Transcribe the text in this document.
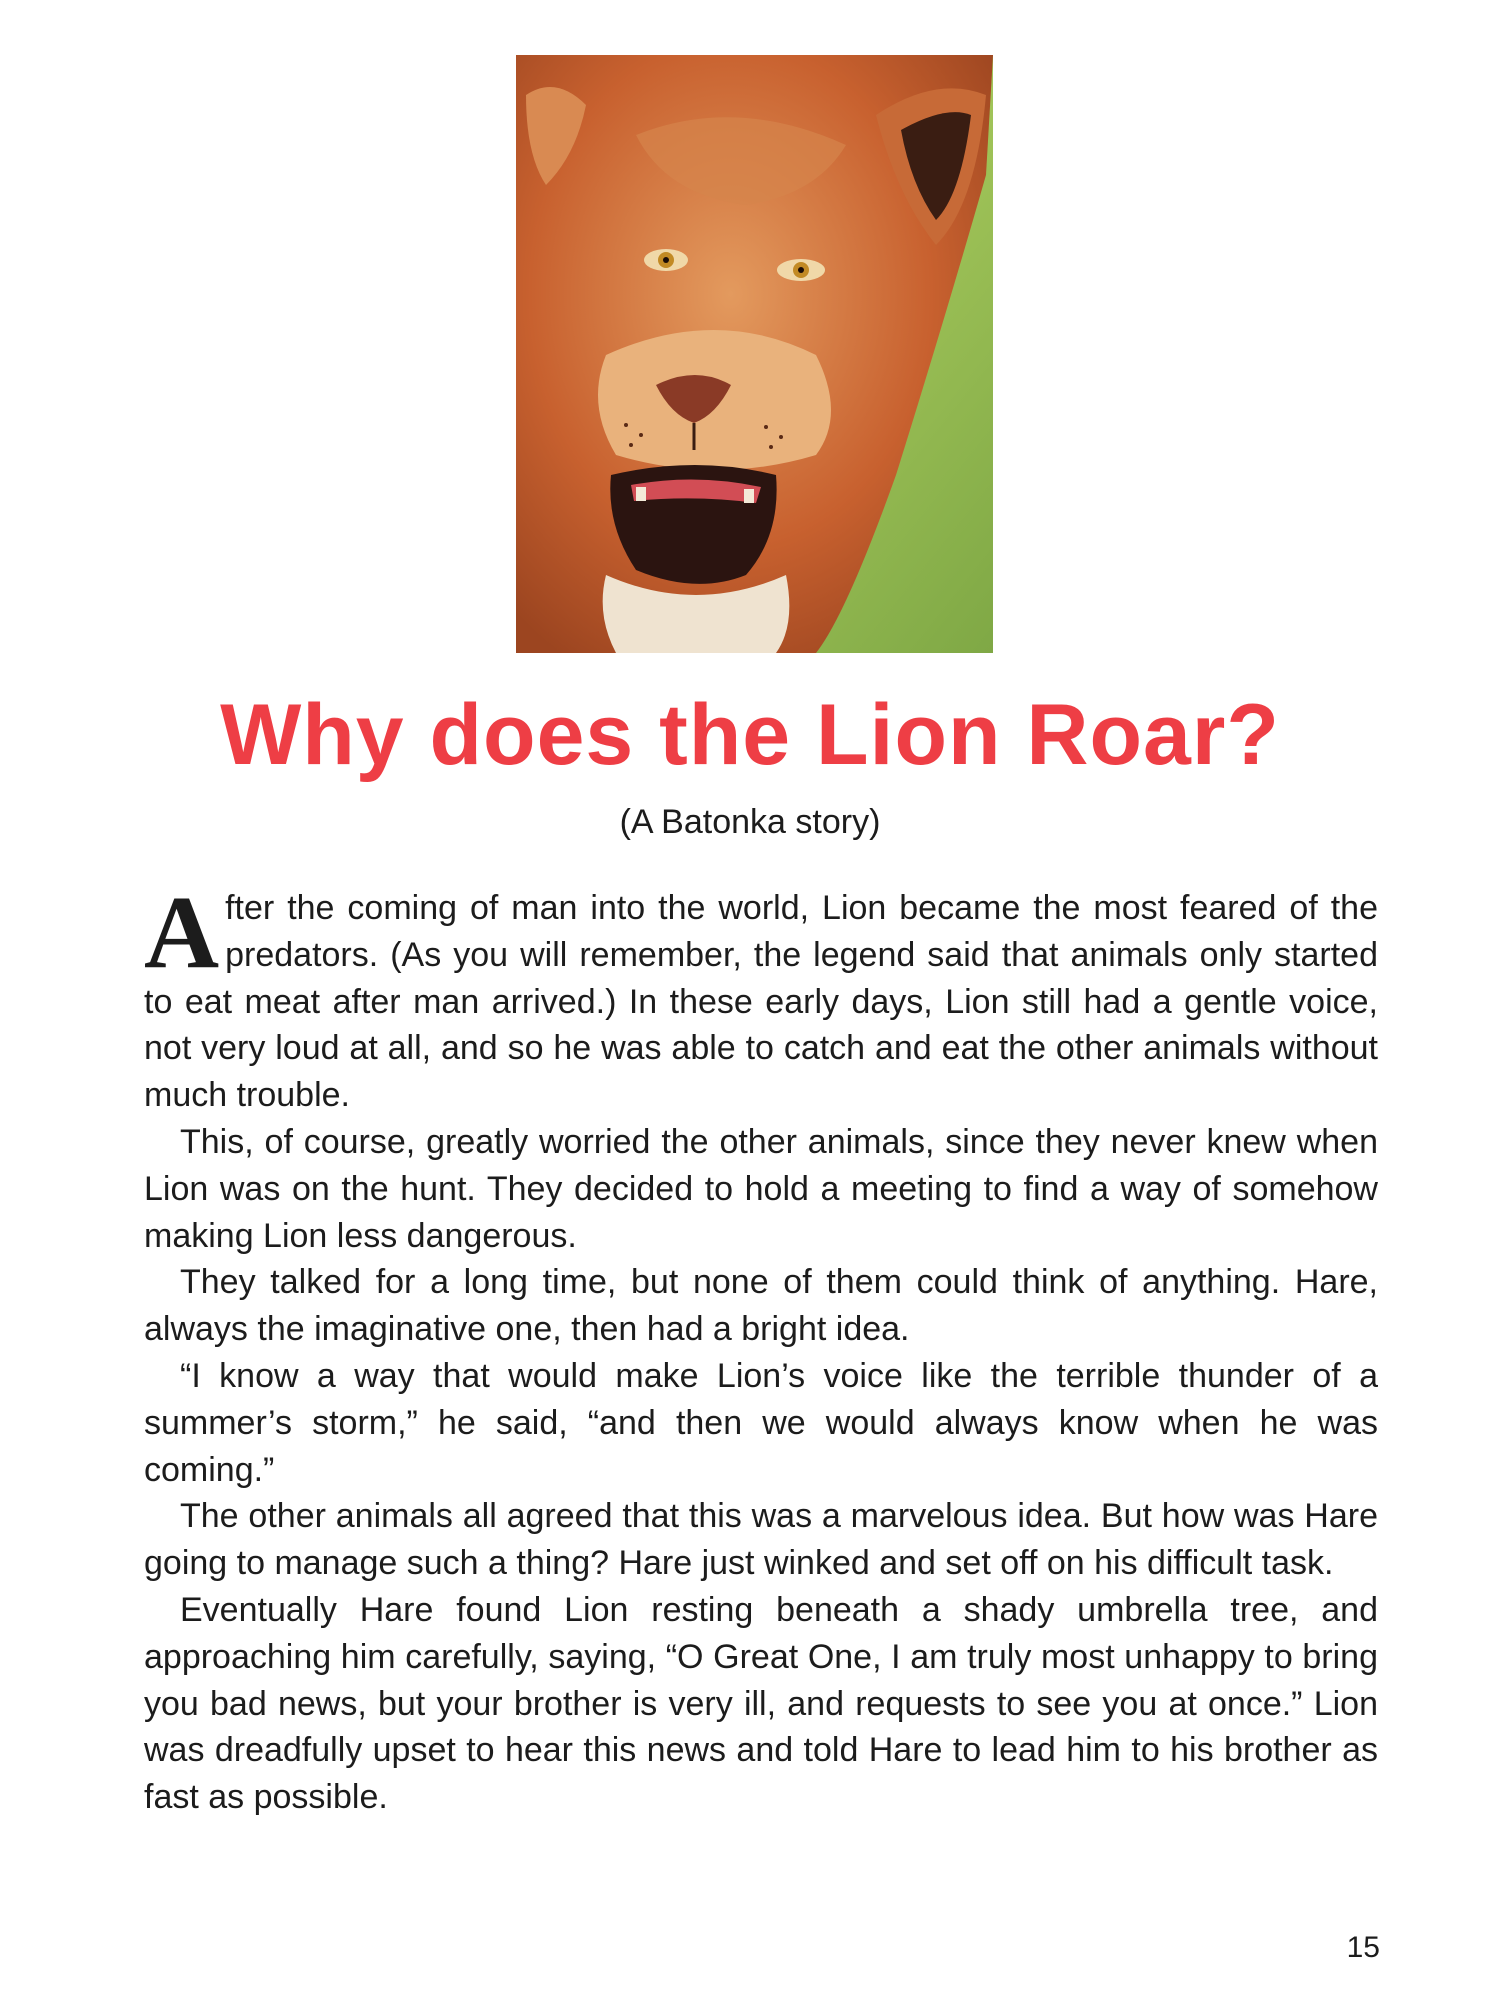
Why does the Lion Roar?
(A Batonka story)

After the coming of man into the world, Lion became the most feared of the predators. (As you will remember, the legend said that animals only started to eat meat after man arrived.) In these early days, Lion still had a gentle voice, not very loud at all, and so he was able to catch and eat the other animals without much trouble.

This, of course, greatly worried the other animals, since they never knew when Lion was on the hunt. They decided to hold a meeting to find a way of somehow making Lion less dangerous.

They talked for a long time, but none of them could think of anything. Hare, always the imaginative one, then had a bright idea.

“I know a way that would make Lion’s voice like the terrible thunder of a summer’s storm,” he said, “and then we would always know when he was coming.”

The other animals all agreed that this was a marvelous idea. But how was Hare going to manage such a thing? Hare just winked and set off on his difficult task.

Eventually Hare found Lion resting beneath a shady umbrella tree, and approaching him carefully, saying, “O Great One, I am truly most unhappy to bring you bad news, but your brother is very ill, and requests to see you at once.” Lion was dreadfully upset to hear this news and told Hare to lead him to his brother as fast as possible.

15
